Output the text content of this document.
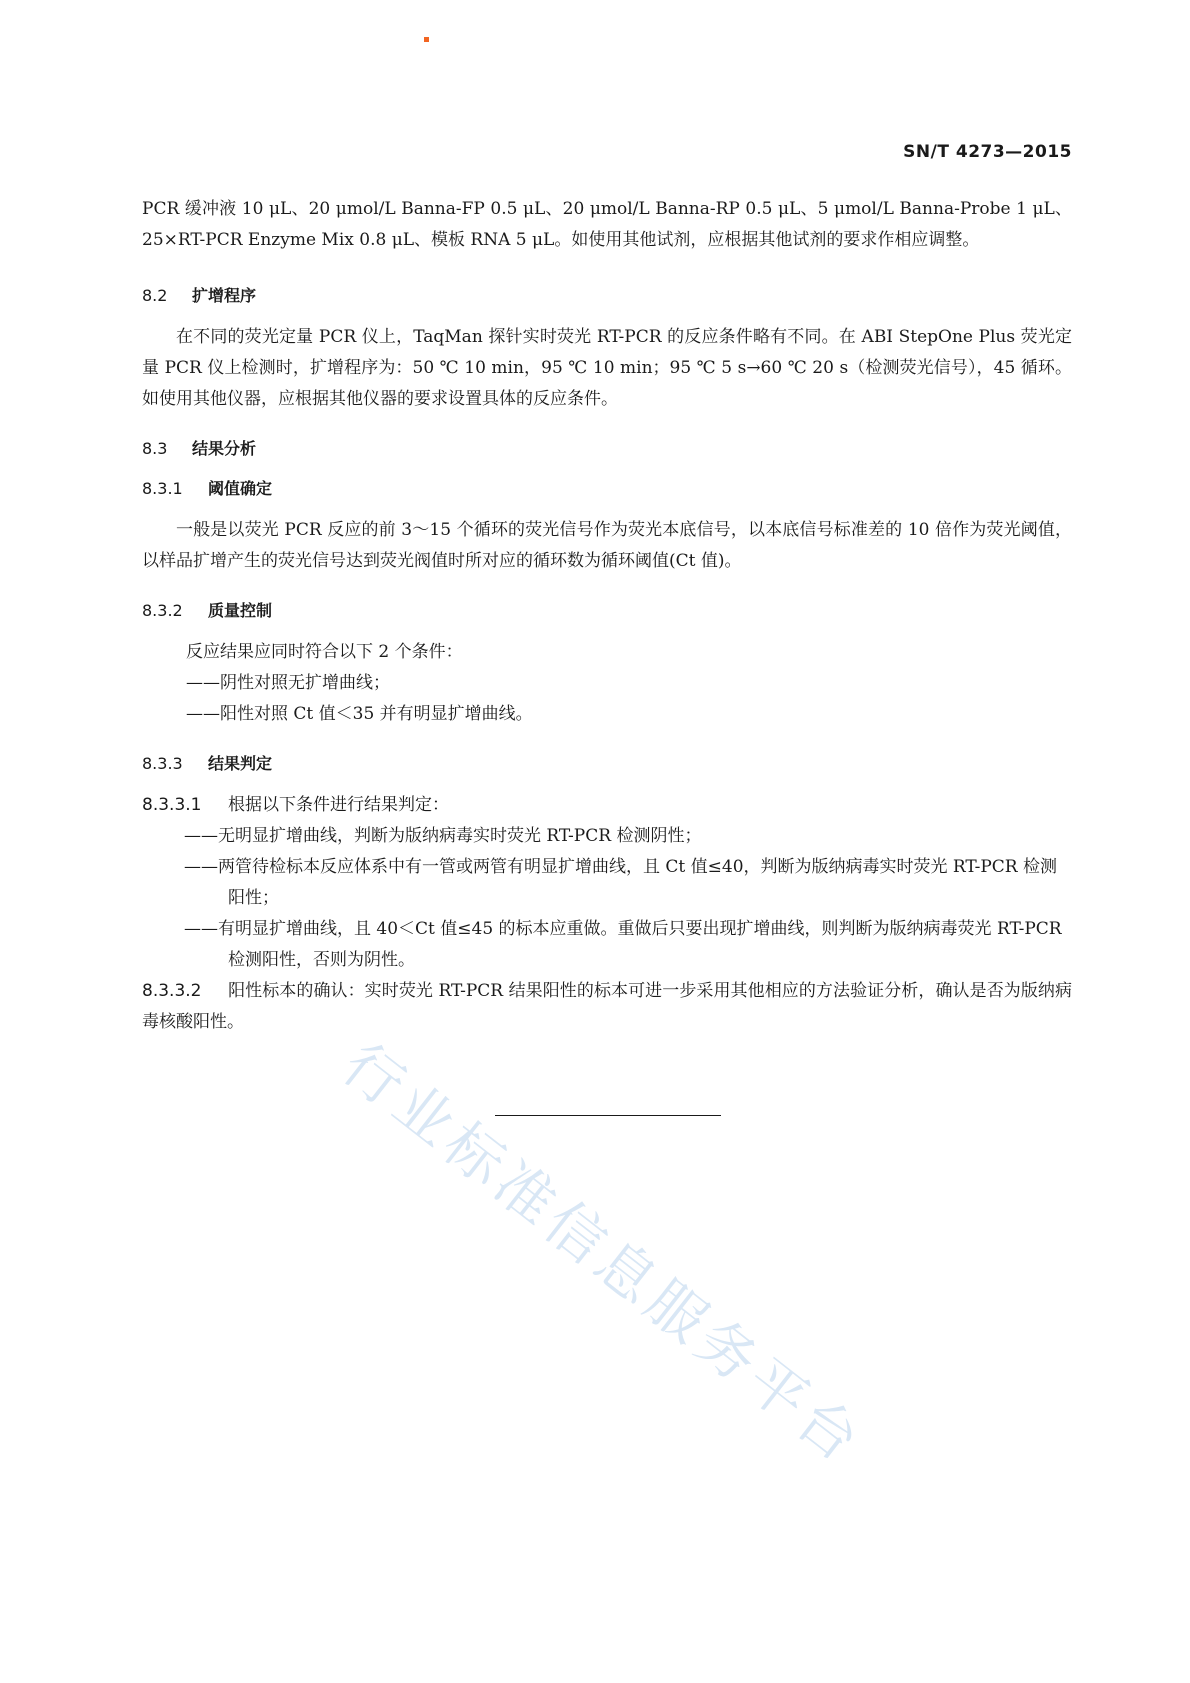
SN/T 4273—2015

PCR 缓冲液 10 μL、20 μmol/L Banna-FP 0.5 μL、20 μmol/L Banna-RP 0.5 μL、5 μmol/L Banna-Probe 1 μL、25×RT-PCR Enzyme Mix 0.8 μL、模板 RNA 5 μL。如使用其他试剂，应根据其他试剂的要求作相应调整。

8.2 扩增程序

在不同的荧光定量 PCR 仪上，TaqMan 探针实时荧光 RT-PCR 的反应条件略有不同。在 ABI StepOne Plus 荧光定量 PCR 仪上检测时，扩增程序为：50 ℃ 10 min，95 ℃ 10 min；95 ℃ 5 s→60 ℃ 20 s（检测荧光信号），45 循环。如使用其他仪器，应根据其他仪器的要求设置具体的反应条件。

8.3 结果分析
8.3.1 阈值确定

一般是以荧光 PCR 反应的前 3～15 个循环的荧光信号作为荧光本底信号，以本底信号标准差的 10 倍作为荧光阈值，以样品扩增产生的荧光信号达到荧光阀值时所对应的循环数为循环阈值(Ct 值)。

8.3.2 质量控制

反应结果应同时符合以下 2 个条件：

——阴性对照无扩增曲线；

——阳性对照 Ct 值＜35 并有明显扩增曲线。

8.3.3 结果判定

8.3.3.1 根据以下条件进行结果判定：

——无明显扩增曲线，判断为版纳病毒实时荧光 RT-PCR 检测阴性；

——两管待检标本反应体系中有一管或两管有明显扩增曲线，且 Ct 值≤40，判断为版纳病毒实时荧光 RT-PCR 检测阳性；

——有明显扩增曲线，且 40＜Ct 值≤45 的标本应重做。重做后只要出现扩增曲线，则判断为版纳病毒荧光 RT-PCR 检测阳性，否则为阴性。

8.3.3.2 阳性标本的确认：实时荧光 RT-PCR 结果阳性的标本可进一步采用其他相应的方法验证分析，确认是否为版纳病毒核酸阳性。

行业标准信息服务平台
